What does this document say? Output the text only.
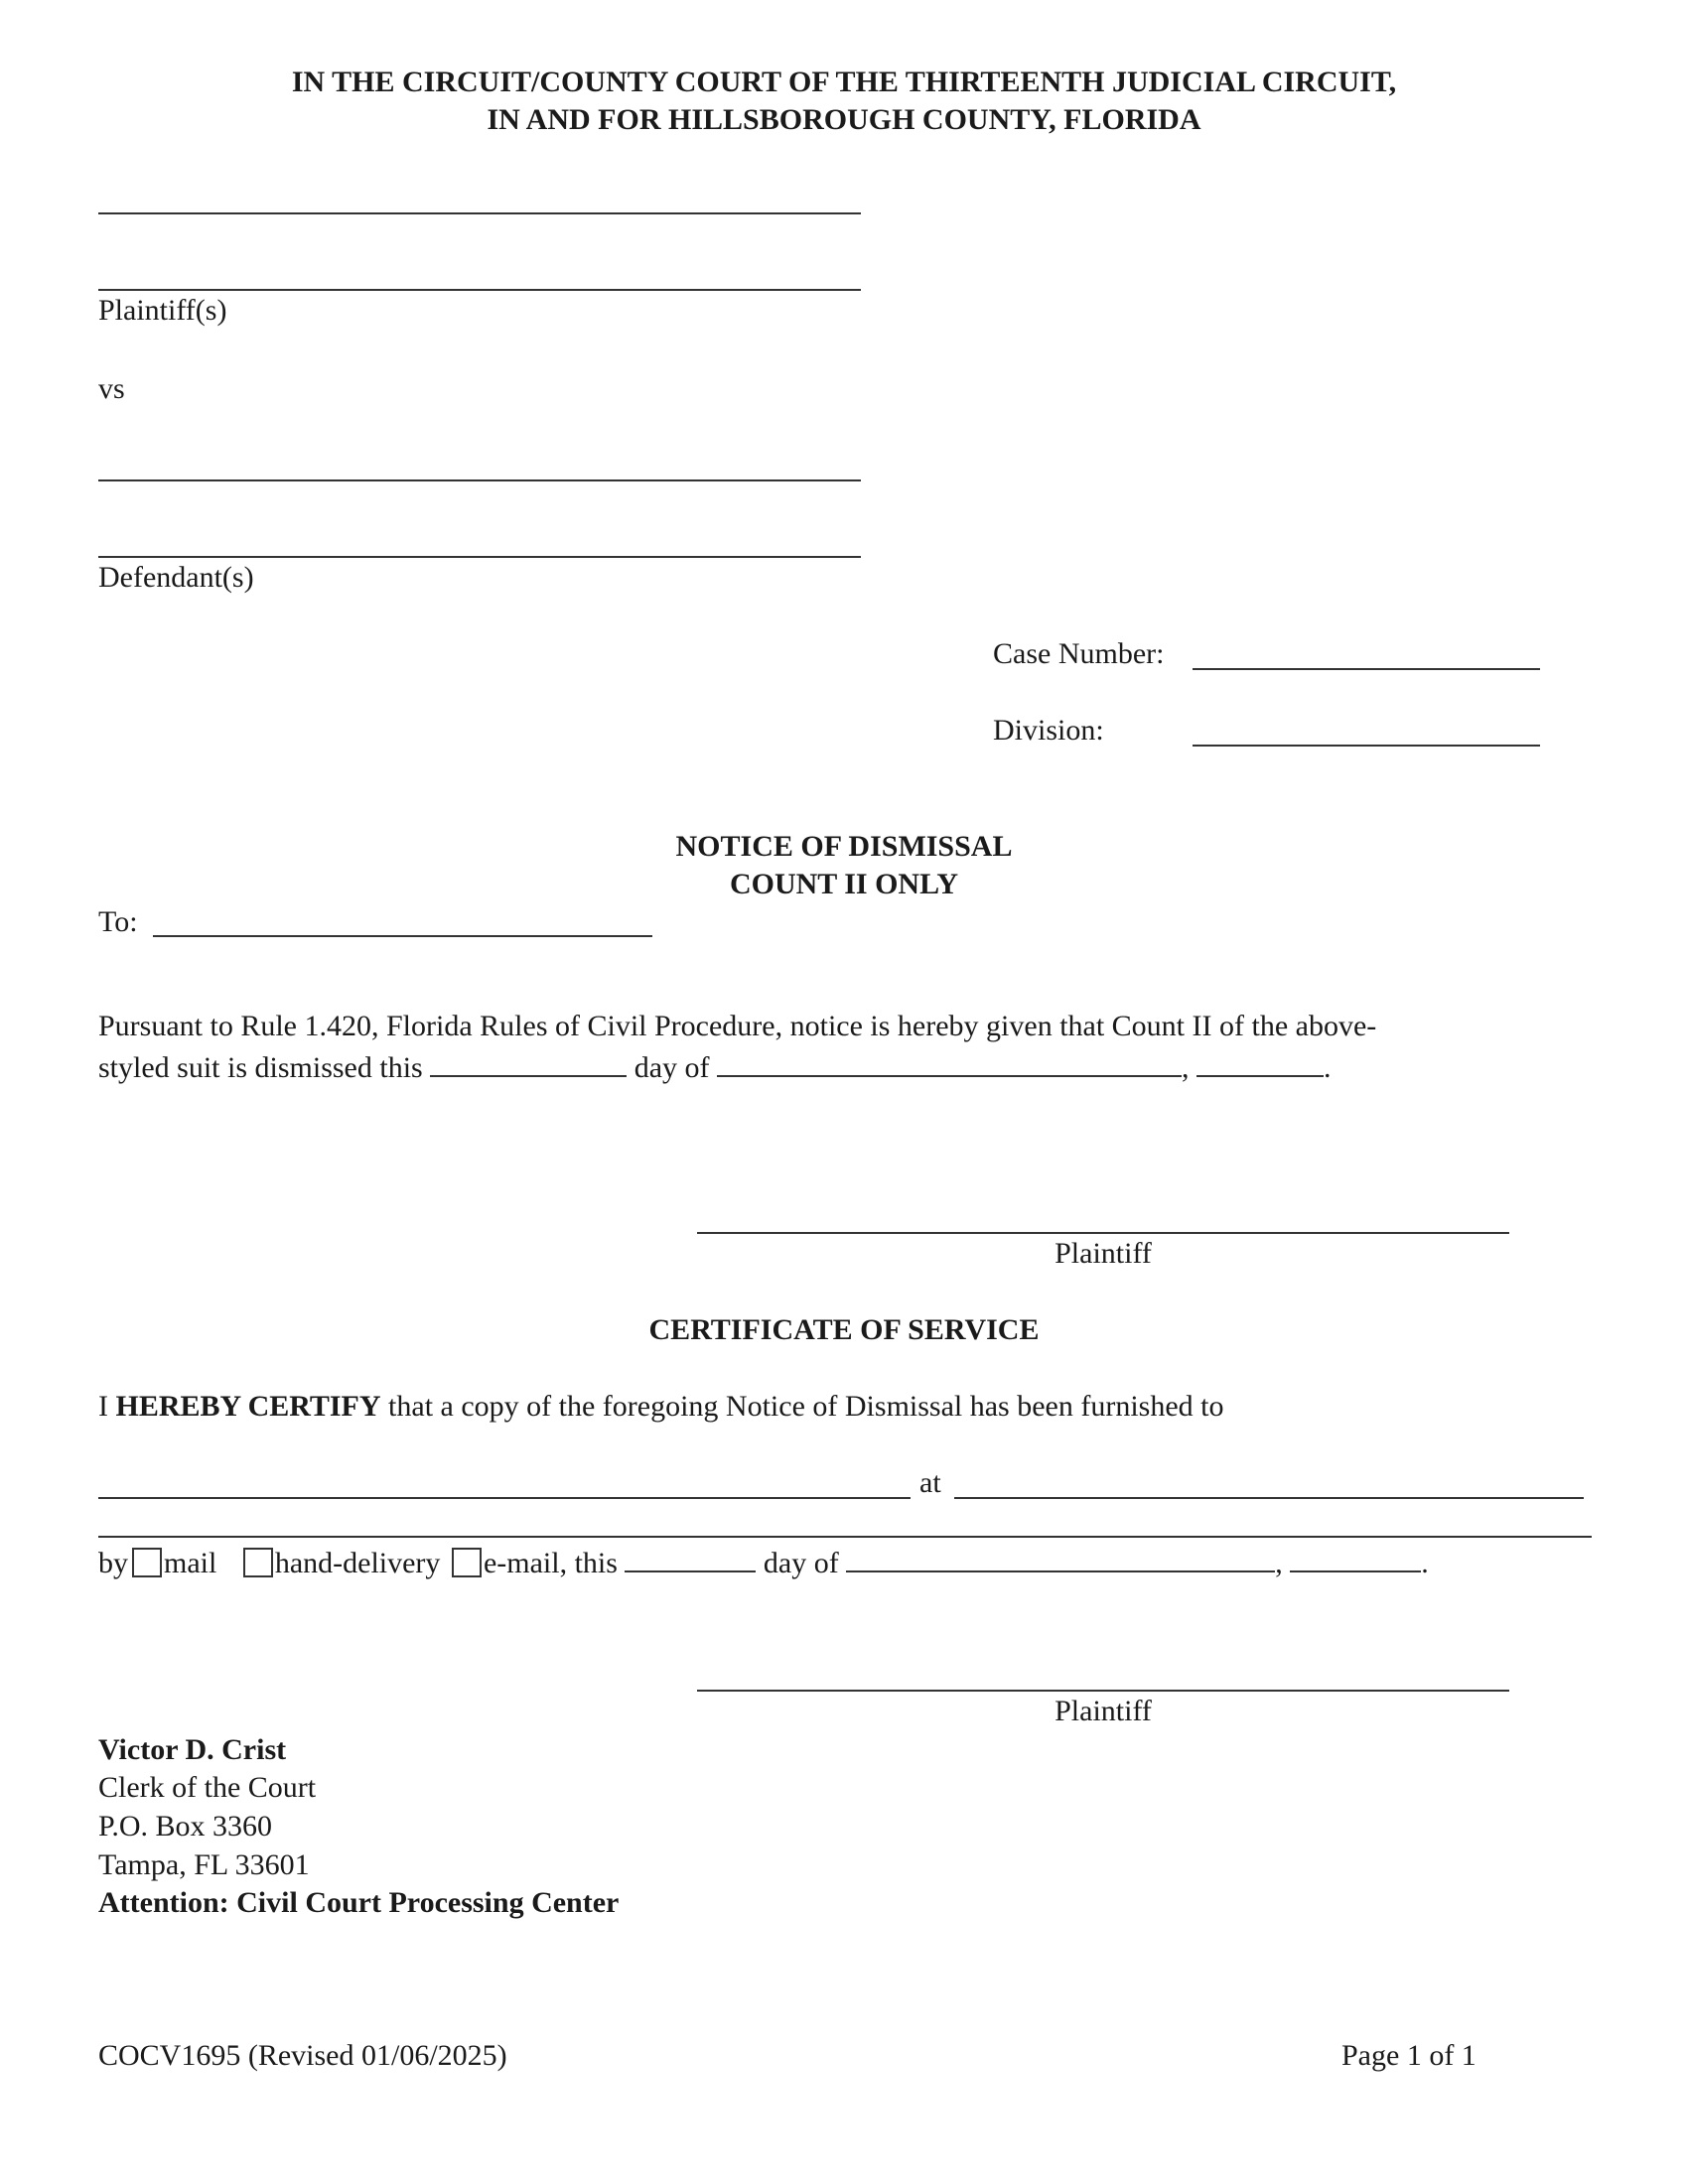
IN THE CIRCUIT/COUNTY COURT OF THE THIRTEENTH JUDICIAL CIRCUIT,
IN AND FOR HILLSBOROUGH COUNTY, FLORIDA
Plaintiff(s)
vs
Defendant(s)
Case Number:
Division:
NOTICE OF DISMISSAL
COUNT II ONLY
To:
Pursuant to Rule 1.420, Florida Rules of Civil Procedure, notice is hereby given that Count II of the above-
styled suit is dismissed this	day of	,	.
Plaintiff
CERTIFICATE OF SERVICE
I HEREBY CERTIFY that a copy of the foregoing Notice of Dismissal has been furnished to
at
by mail hand-delivery e-mail, this	day of	,	.
Plaintiff
Victor D. Crist
Clerk of the Court
P.O. Box 3360
Tampa, FL 33601
Attention: Civil Court Processing Center
COCV1695 (Revised 01/06/2025)	Page 1 of 1
